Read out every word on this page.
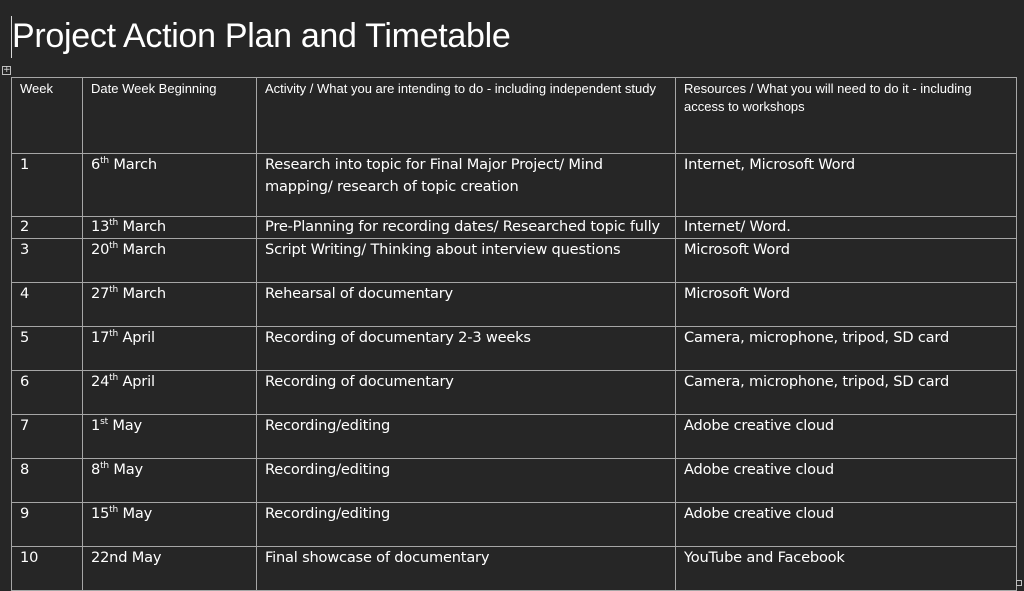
Project Action Plan and Timetable
+
Week	Date Week Beginning	Activity / What you are intending to do - including independent study	Resources / What you will need to do it - including access to workshops
1	6th March	Research into topic for Final Major Project/ Mind mapping/ research of topic creation	Internet, Microsoft Word
2	13th March	Pre-Planning for recording dates/ Researched topic fully	Internet/ Word.
3	20th March	Script Writing/ Thinking about interview questions	Microsoft Word
4	27th March	Rehearsal of documentary	Microsoft Word
5	17th April	Recording of documentary 2-3 weeks	Camera, microphone, tripod, SD card
6	24th April	Recording of documentary	Camera, microphone, tripod, SD card
7	1st May	Recording/editing	Adobe creative cloud
8	8th May	Recording/editing	Adobe creative cloud
9	15th May	Recording/editing	Adobe creative cloud
10	22nd May	Final showcase of documentary	YouTube and Facebook
